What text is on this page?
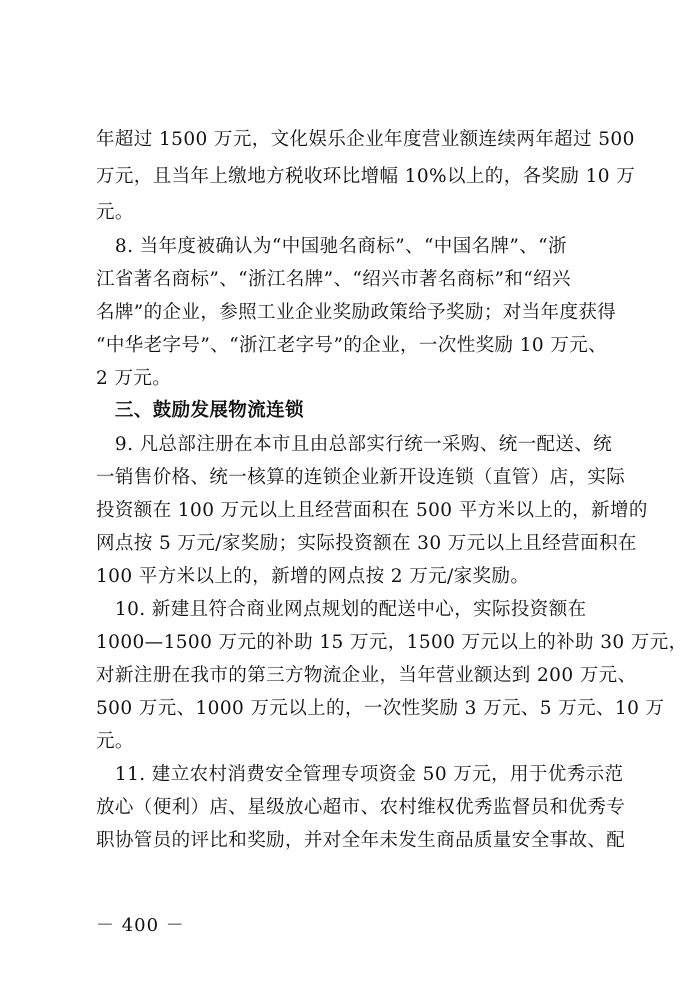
年超过 1500 万元，文化娱乐企业年度营业额连续两年超过 500
万元，且当年上缴地方税收环比增幅 10%以上的，各奖励 10 万
元。
　8. 当年度被确认为“中国驰名商标”、“中国名牌”、“浙
江省著名商标”、“浙江名牌”、“绍兴市著名商标”和“绍兴
名牌”的企业，参照工业企业奖励政策给予奖励；对当年度获得
“中华老字号”、“浙江老字号”的企业，一次性奖励 10 万元、
2 万元。
　三、鼓励发展物流连锁
　9. 凡总部注册在本市且由总部实行统一采购、统一配送、统
一销售价格、统一核算的连锁企业新开设连锁（直管）店，实际
投资额在 100 万元以上且经营面积在 500 平方米以上的，新增的
网点按 5 万元/家奖励；实际投资额在 30 万元以上且经营面积在
100 平方米以上的，新增的网点按 2 万元/家奖励。
　10. 新建且符合商业网点规划的配送中心，实际投资额在
1000—1500 万元的补助 15 万元，1500 万元以上的补助 30 万元，
对新注册在我市的第三方物流企业，当年营业额达到 200 万元、
500 万元、1000 万元以上的，一次性奖励 3 万元、5 万元、10 万
元。
　11. 建立农村消费安全管理专项资金 50 万元，用于优秀示范
放心（便利）店、星级放心超市、农村维权优秀监督员和优秀专
职协管员的评比和奖励，并对全年未发生商品质量安全事故、配
－ 400 －
